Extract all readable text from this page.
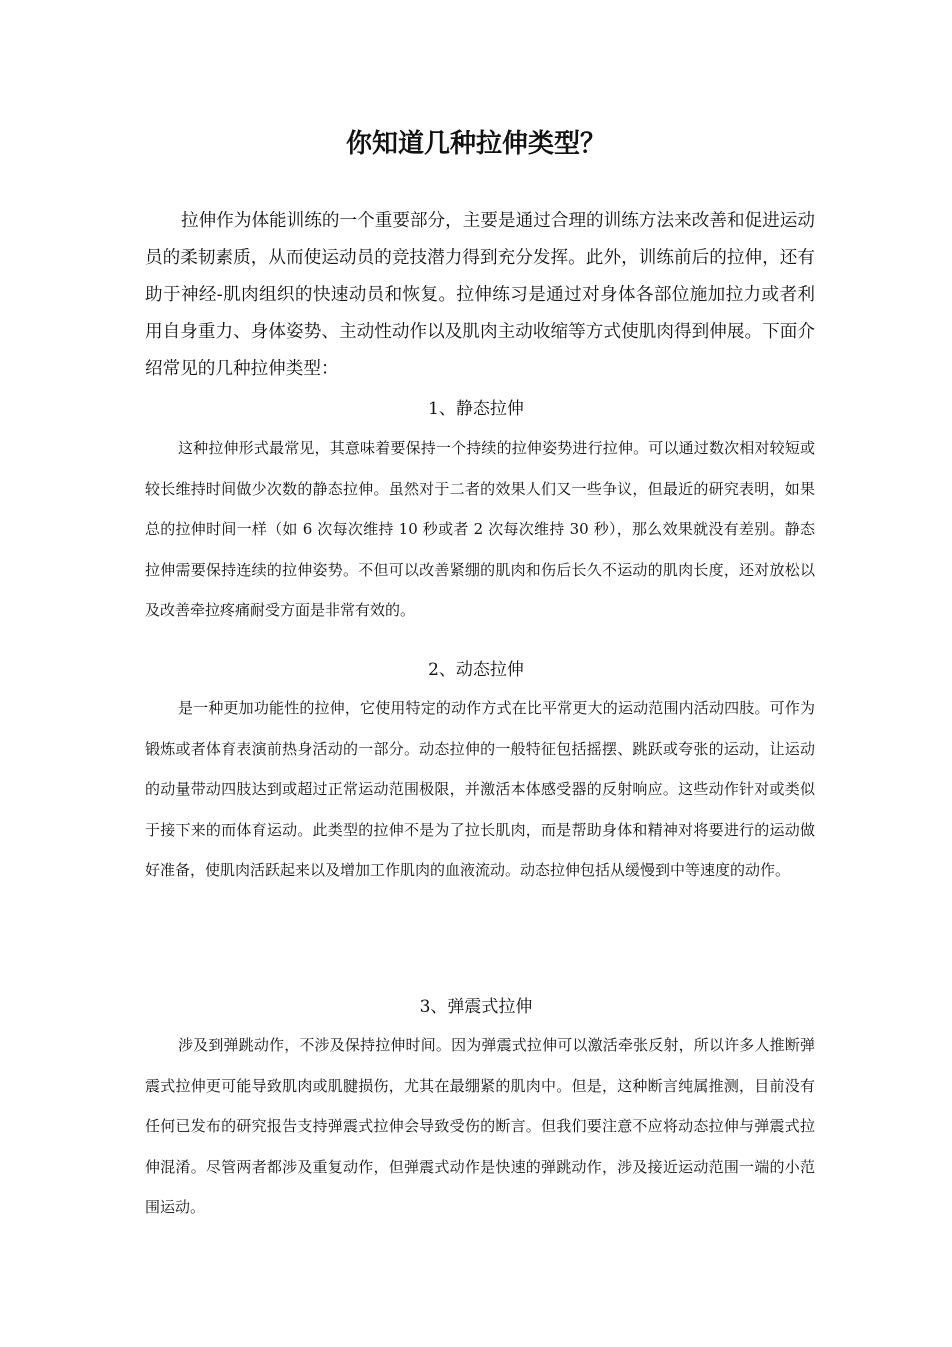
你知道几种拉伸类型？

拉伸作为体能训练的一个重要部分，主要是通过合理的训练方法来改善和促进运动员的柔韧素质，从而使运动员的竞技潜力得到充分发挥。此外，训练前后的拉伸，还有助于神经-肌肉组织的快速动员和恢复。拉伸练习是通过对身体各部位施加拉力或者利用自身重力、身体姿势、主动性动作以及肌肉主动收缩等方式使肌肉得到伸展。下面介绍常见的几种拉伸类型：

1、静态拉伸

这种拉伸形式最常见，其意味着要保持一个持续的拉伸姿势进行拉伸。可以通过数次相对较短或较长维持时间做少次数的静态拉伸。虽然对于二者的效果人们又一些争议，但最近的研究表明，如果总的拉伸时间一样（如 6 次每次维持 10 秒或者 2 次每次维持 30 秒），那么效果就没有差别。静态拉伸需要保持连续的拉伸姿势。不但可以改善紧绷的肌肉和伤后长久不运动的肌肉长度，还对放松以及改善牵拉疼痛耐受方面是非常有效的。

2、动态拉伸

是一种更加功能性的拉伸，它使用特定的动作方式在比平常更大的运动范围内活动四肢。可作为锻炼或者体育表演前热身活动的一部分。动态拉伸的一般特征包括摇摆、跳跃或夸张的运动，让运动的动量带动四肢达到或超过正常运动范围极限，并激活本体感受器的反射响应。这些动作针对或类似于接下来的而体育运动。此类型的拉伸不是为了拉长肌肉，而是帮助身体和精神对将要进行的运动做好准备，使肌肉活跃起来以及增加工作肌肉的血液流动。动态拉伸包括从缓慢到中等速度的动作。

3、弹震式拉伸

涉及到弹跳动作，不涉及保持拉伸时间。因为弹震式拉伸可以激活牵张反射，所以许多人推断弹震式拉伸更可能导致肌肉或肌腱损伤，尤其在最绷紧的肌肉中。但是，这种断言纯属推测，目前没有任何已发布的研究报告支持弹震式拉伸会导致受伤的断言。但我们要注意不应将动态拉伸与弹震式拉伸混淆。尽管两者都涉及重复动作，但弹震式动作是快速的弹跳动作，涉及接近运动范围一端的小范围运动。
